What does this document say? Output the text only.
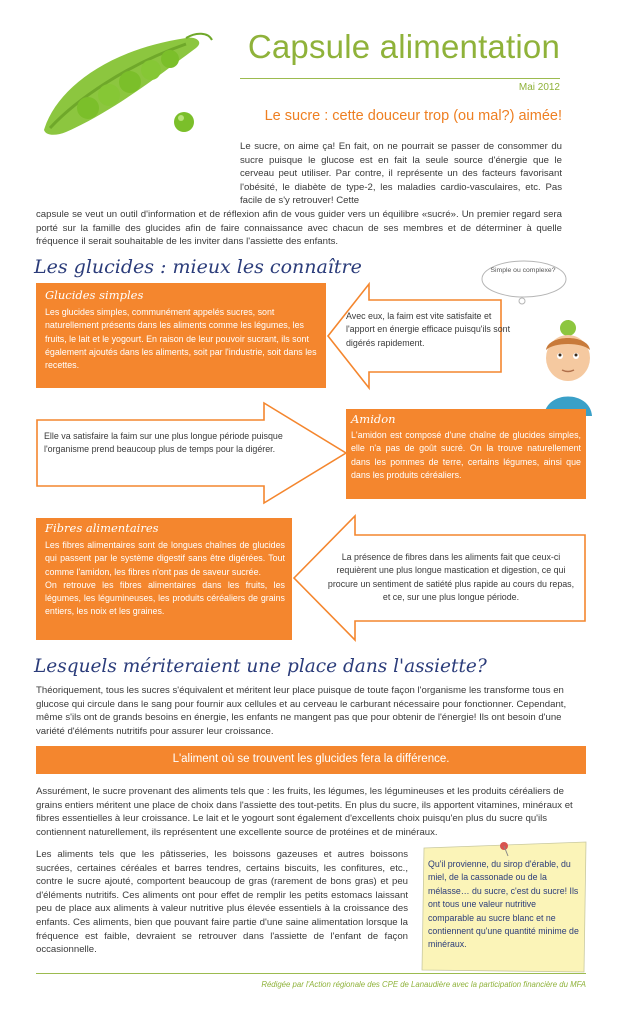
Capsule alimentation
Mai 2012
Le sucre : cette douceur trop (ou mal?) aimée!
Le sucre, on aime ça! En fait, on ne pourrait se passer de consommer du sucre puisque le glucose est en fait la seule source d'énergie que le cerveau peut utiliser. Par contre, il représente un des facteurs favorisant l'obésité, le diabète de type-2, les maladies cardio-vasculaires, etc. Pas facile de s'y retrouver! Cette
capsule se veut un outil d'information et de réflexion afin de vous guider vers un équilibre «sucré». Un premier regard sera porté sur la famille des glucides afin de faire connaissance avec chacun de ses membres et de déterminer à quelle fréquence il serait souhaitable de les inviter dans l'assiette des enfants.
Les glucides : mieux les connaître	Simple ou complexe?
Glucides simples
Les glucides simples, communément appelés sucres, sont naturellement présents dans les aliments comme les légumes, les fruits, le lait et le yogourt. En raison de leur pouvoir sucrant, ils sont également ajoutés dans les aliments, soit par l'industrie, soit dans les recettes.
Avec eux, la faim est vite satisfaite et l'apport en énergie efficace puisqu'ils sont digérés rapidement.
Elle va satisfaire la faim sur une plus longue période puisque l'organisme prend beaucoup plus de temps pour la digérer.
Amidon
L'amidon est composé d'une chaîne de glucides simples, elle n'a pas de goût sucré. On la trouve naturellement dans les pommes de terre, certains légumes, ainsi que dans les produits céréaliers.
Fibres alimentaires
Les fibres alimentaires sont de longues chaînes de glucides qui passent par le système digestif sans être digérées. Tout comme l'amidon, les fibres n'ont pas de saveur sucrée.
On retrouve les fibres alimentaires dans les fruits, les légumes, les légumineuses, les produits céréaliers de grains entiers, les noix et les graines.
La présence de fibres dans les aliments fait que ceux-ci requièrent une plus longue mastication et digestion, ce qui procure un sentiment de satiété plus rapide au cours du repas, et ce, sur une plus longue période.
Lesquels mériteraient une place dans l'assiette?
Théoriquement, tous les sucres s'équivalent et méritent leur place puisque de toute façon l'organisme les transforme tous en glucose qui circule dans le sang pour fournir aux cellules et au cerveau le carburant nécessaire pour fonctionner. Cependant, même s'ils ont de grands besoins en énergie, les enfants ne mangent pas que pour obtenir de l'énergie! Ils ont besoin d'une variété d'éléments nutritifs pour assurer leur croissance.
L'aliment où se trouvent les glucides fera la différence.
Assurément, le sucre provenant des aliments tels que : les fruits, les légumes, les légumineuses et les produits céréaliers de grains entiers méritent une place de choix dans l'assiette des tout-petits. En plus du sucre, ils apportent vitamines, minéraux et fibres essentielles à leur croissance. Le lait et le yogourt sont également d'excellents choix puisqu'en plus du sucre qu'ils contiennent naturellement, ils représentent une excellente source de protéines et de minéraux.
Les aliments tels que les pâtisseries, les boissons gazeuses et autres boissons sucrées, certaines céréales et barres tendres, certains biscuits, les confitures, etc., contre le sucre ajouté, comportent beaucoup de gras (rarement de bons gras) et peu d'éléments nutritifs. Ces aliments ont pour effet de remplir les petits estomacs laissant peu de place aux aliments à valeur nutritive plus élevée essentiels à la croissance des enfants. Ces aliments, bien que pouvant faire partie d'une saine alimentation lorsque la fréquence est faible, devraient se retrouver dans l'assiette de l'enfant de façon occasionnelle.
Qu'il provienne, du sirop d'érable, du miel, de la cassonade ou de la mélasse… du sucre, c'est du sucre! Ils ont tous une valeur nutritive comparable au sucre blanc et ne contiennent qu'une quantité minime de minéraux.
Rédigée par l'Action régionale des CPE de Lanaudière avec la participation financière du MFA
